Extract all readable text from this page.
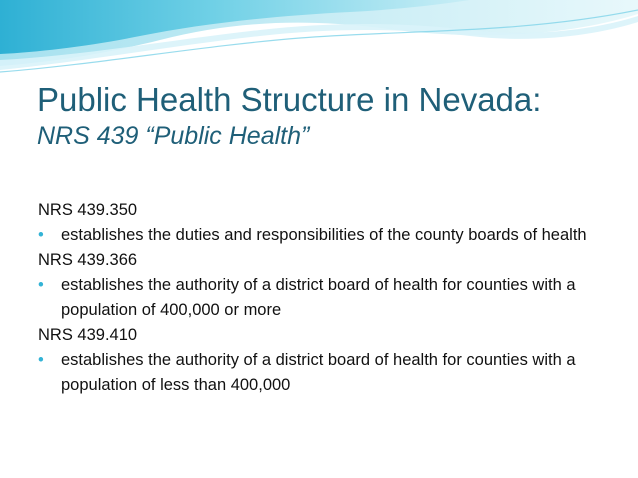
Public Health Structure in Nevada:
NRS 439 “Public Health”
NRS 439.350
• establishes the duties and responsibilities of the county boards of health
NRS 439.366
• establishes the authority of a district board of health for counties with a population of 400,000 or more
NRS 439.410
• establishes the authority of a district board of health for counties with a population of less than 400,000
